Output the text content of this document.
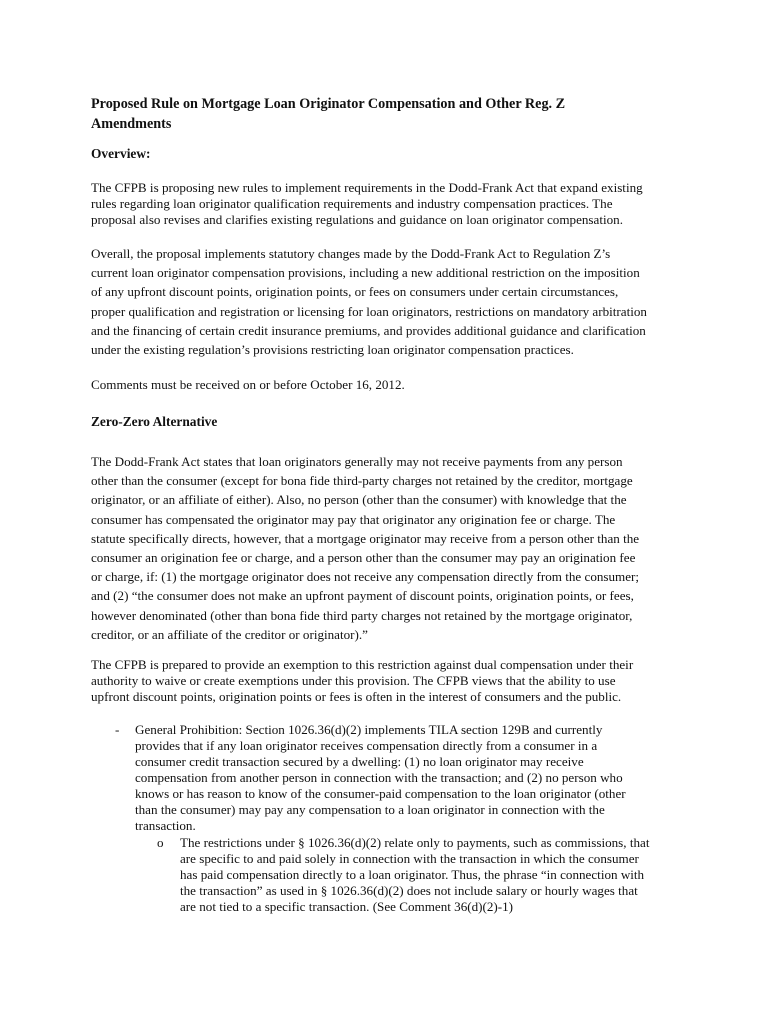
Proposed Rule on Mortgage Loan Originator Compensation and Other Reg. Z
Amendments
Overview:
The CFPB is proposing new rules to implement requirements in the Dodd-Frank Act that expand existing
rules regarding loan originator qualification requirements and industry compensation practices. The
proposal also revises and clarifies existing regulations and guidance on loan originator compensation.
Overall, the proposal implements statutory changes made by the Dodd-Frank Act to Regulation Z’s
current loan originator compensation provisions, including a new additional restriction on the imposition
of any upfront discount points, origination points, or fees on consumers under certain circumstances,
proper qualification and registration or licensing for loan originators, restrictions on mandatory arbitration
and the financing of certain credit insurance premiums, and provides additional guidance and clarification
under the existing regulation’s provisions restricting loan originator compensation practices.
Comments must be received on or before October 16, 2012.
Zero-Zero Alternative
The Dodd-Frank Act states that loan originators generally may not receive payments from any person
other than the consumer (except for bona fide third-party charges not retained by the creditor, mortgage
originator, or an affiliate of either). Also, no person (other than the consumer) with knowledge that the
consumer has compensated the originator may pay that originator any origination fee or charge. The
statute specifically directs, however, that a mortgage originator may receive from a person other than the
consumer an origination fee or charge, and a person other than the consumer may pay an origination fee
or charge, if: (1) the mortgage originator does not receive any compensation directly from the consumer;
and (2) “the consumer does not make an upfront payment of discount points, origination points, or fees,
however denominated (other than bona fide third party charges not retained by the mortgage originator,
creditor, or an affiliate of the creditor or originator).”
The CFPB is prepared to provide an exemption to this restriction against dual compensation under their
authority to waive or create exemptions under this provision. The CFPB views that the ability to use
upfront discount points, origination points or fees is often in the interest of consumers and the public.
- General Prohibition: Section 1026.36(d)(2) implements TILA section 129B and currently
provides that if any loan originator receives compensation directly from a consumer in a
consumer credit transaction secured by a dwelling: (1) no loan originator may receive
compensation from another person in connection with the transaction; and (2) no person who
knows or has reason to know of the consumer-paid compensation to the loan originator (other
than the consumer) may pay any compensation to a loan originator in connection with the
transaction.
o The restrictions under § 1026.36(d)(2) relate only to payments, such as commissions, that
are specific to and paid solely in connection with the transaction in which the consumer
has paid compensation directly to a loan originator. Thus, the phrase “in connection with
the transaction” as used in § 1026.36(d)(2) does not include salary or hourly wages that
are not tied to a specific transaction. (See Comment 36(d)(2)-1)
